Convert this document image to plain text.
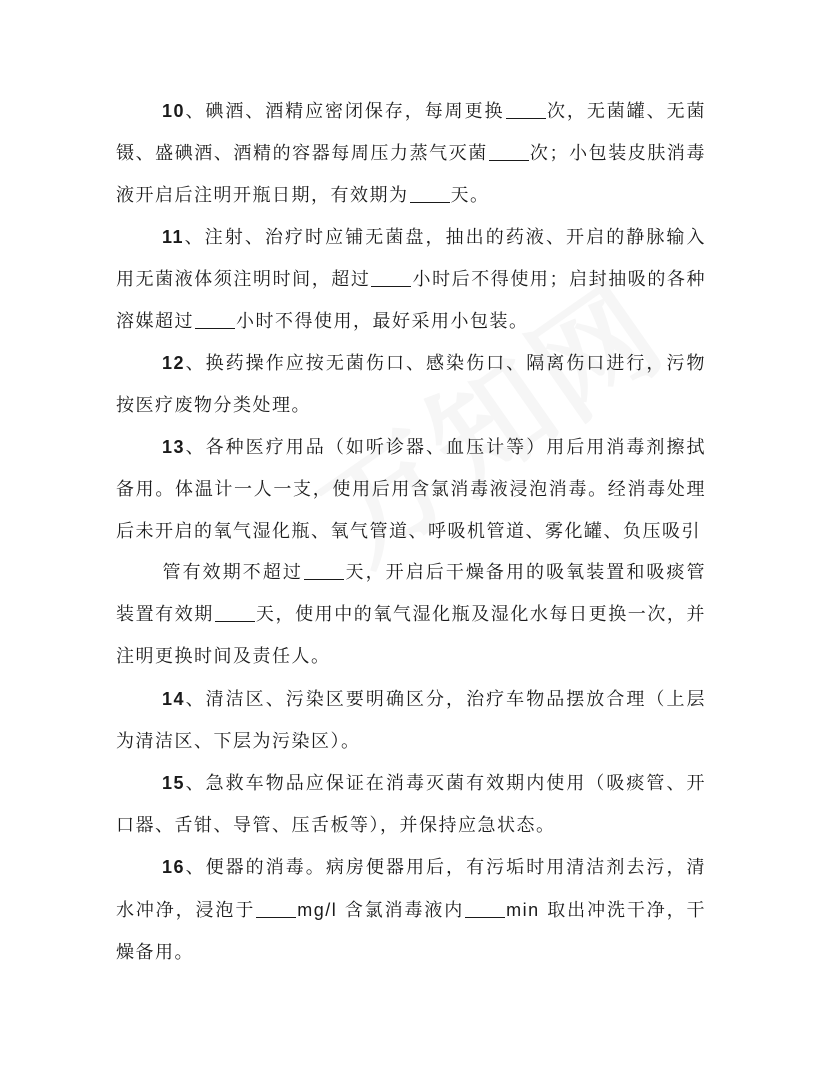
10、碘酒、酒精应密闭保存，每周更换 次，无菌罐、无菌镊、盛碘酒、酒精的容器每周压力蒸气灭菌 次；小包装皮肤消毒液开启后注明开瓶日期，有效期为 天。
11、注射、治疗时应铺无菌盘，抽出的药液、开启的静脉输入用无菌液体须注明时间，超过 小时后不得使用；启封抽吸的各种溶媒超过 小时不得使用，最好采用小包装。
12、换药操作应按无菌伤口、感染伤口、隔离伤口进行，污物按医疗废物分类处理。
13、各种医疗用品（如听诊器、血压计等）用后用消毒剂擦拭备用。体温计一人一支，使用后用含氯消毒液浸泡消毒。经消毒处理后未开启的氧气湿化瓶、氧气管道、呼吸机管道、雾化罐、负压吸引
管有效期不超过 天，开启后干燥备用的吸氧装置和吸痰管装置有效期 天，使用中的氧气湿化瓶及湿化水每日更换一次，并注明更换时间及责任人。
14、清洁区、污染区要明确区分，治疗车物品摆放合理（上层为清洁区、下层为污染区）。
15、急救车物品应保证在消毒灭菌有效期内使用（吸痰管、开口器、舌钳、导管、压舌板等），并保持应急状态。
16、便器的消毒。病房便器用后，有污垢时用清洁剂去污，清水冲净，浸泡于 mg/l 含氯消毒液内 min 取出冲洗干净，干燥备用。
